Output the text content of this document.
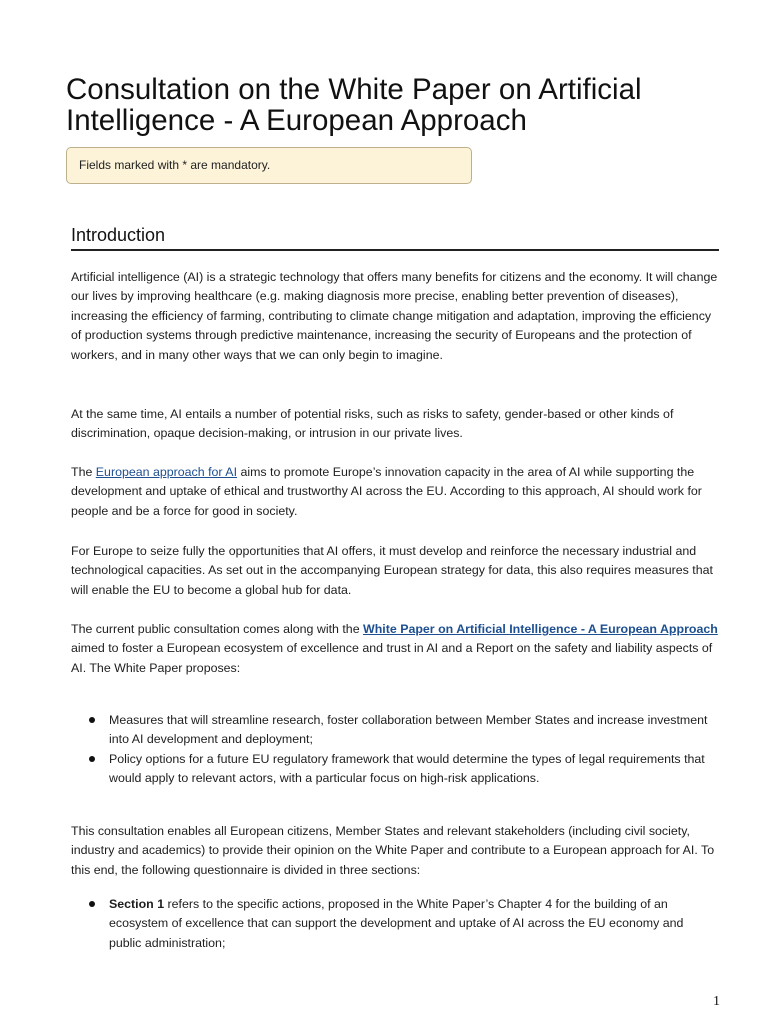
Consultation on the White Paper on Artificial
Intelligence - A European Approach
Fields marked with * are mandatory.
Introduction

Artificial intelligence (AI) is a strategic technology that offers many benefits for citizens and the economy. It will change our lives by improving healthcare (e.g. making diagnosis more precise, enabling better prevention of diseases), increasing the efficiency of farming, contributing to climate change mitigation and adaptation, improving the efficiency of production systems through predictive maintenance, increasing the security of Europeans and the protection of workers, and in many other ways that we can only begin to imagine.

At the same time, AI entails a number of potential risks, such as risks to safety, gender-based or other kinds of discrimination, opaque decision-making, or intrusion in our private lives.

The European approach for AI aims to promote Europe’s innovation capacity in the area of AI while supporting the development and uptake of ethical and trustworthy AI across the EU. According to this approach, AI should work for people and be a force for good in society.

For Europe to seize fully the opportunities that AI offers, it must develop and reinforce the necessary industrial and technological capacities. As set out in the accompanying European strategy for data, this also requires measures that will enable the EU to become a global hub for data.

The current public consultation comes along with the White Paper on Artificial Intelligence - A European Approach aimed to foster a European ecosystem of excellence and trust in AI and a Report on the safety and liability aspects of AI. The White Paper proposes:

Measures that will streamline research, foster collaboration between Member States and increase investment into AI development and deployment;
Policy options for a future EU regulatory framework that would determine the types of legal requirements that would apply to relevant actors, with a particular focus on high-risk applications.

This consultation enables all European citizens, Member States and relevant stakeholders (including civil society, industry and academics) to provide their opinion on the White Paper and contribute to a European approach for AI. To this end, the following questionnaire is divided in three sections:

Section 1 refers to the specific actions, proposed in the White Paper’s Chapter 4 for the building of an ecosystem of excellence that can support the development and uptake of AI across the EU economy and public administration;
1
